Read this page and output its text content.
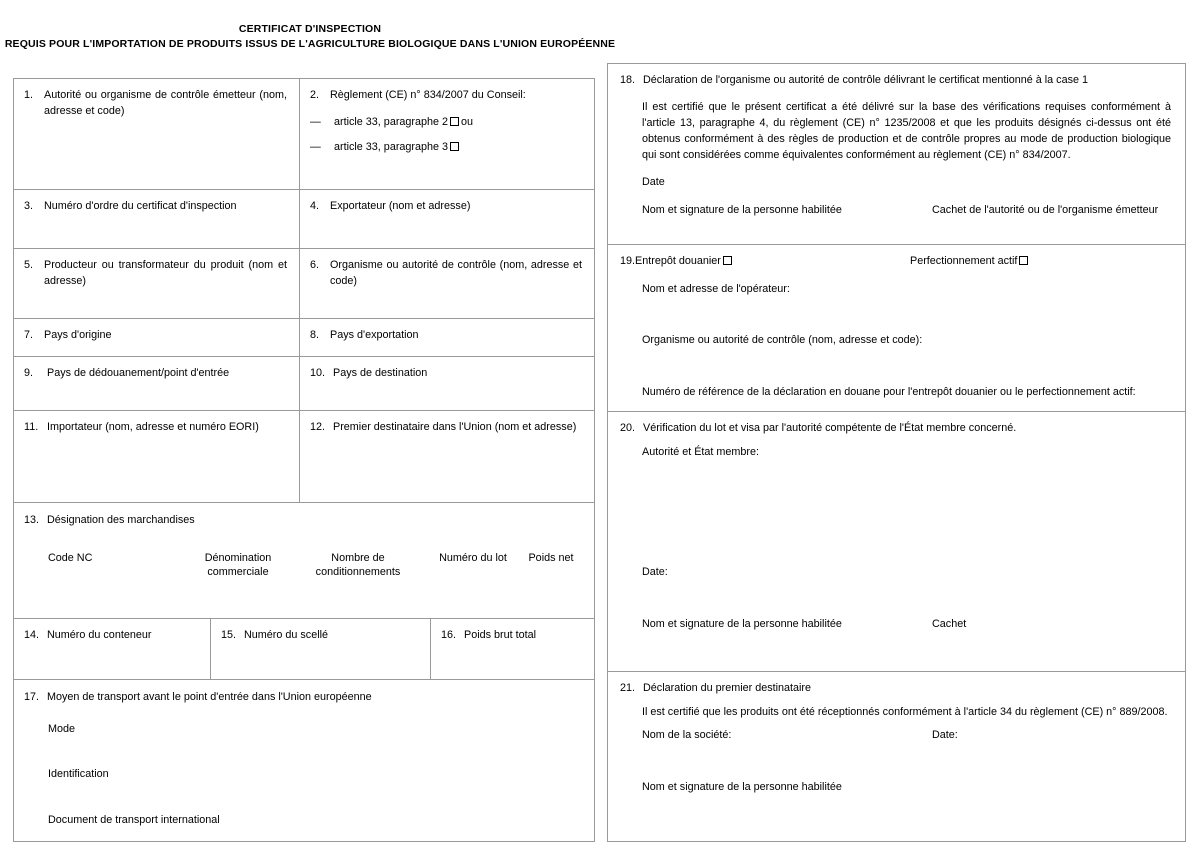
CERTIFICAT D'INSPECTION
REQUIS POUR L'IMPORTATION DE PRODUITS ISSUS DE L'AGRICULTURE BIOLOGIQUE DANS L'UNION EUROPÉENNE
1.	Autorité ou organisme de contrôle émetteur (nom, adresse et code)
2.	Règlement (CE) n° 834/2007 du Conseil:
— article 33, paragraphe 2 ou
— article 33, paragraphe 3
3.	Numéro d'ordre du certificat d'inspection	4.	Exportateur (nom et adresse)
5.	Producteur ou transformateur du produit (nom et adresse)
6.	Organisme ou autorité de contrôle (nom, adresse et code)
7.	Pays d'origine	8.	Pays d'exportation
9.	Pays de dédouanement/point d'entrée	10. Pays de destination
11. Importateur (nom, adresse et numéro EORI)	12. Premier destinataire dans l'Union (nom et adresse)
13. Désignation des marchandises
Code NC	Dénomination
commerciale
Nombre de
conditionnements
Numéro du lot	Poids net
14. Numéro du conteneur	15. Numéro du scellé	16. Poids brut total
17. Moyen de transport avant le point d'entrée dans l'Union européenne
Mode
Identification
Document de transport international
18. Déclaration de l'organisme ou autorité de contrôle délivrant le certificat mentionné à la case 1
Il est certifié que le présent certificat a été délivré sur la base des vérifications requises conformément à l'article 13, paragraphe 4, du règlement (CE) n° 1235/2008 et que les produits désignés ci-dessus ont été obtenus conformément à des règles de production et de contrôle propres au mode de production biologique qui sont considérées comme équivalentes conformément au règlement (CE) n° 834/2007.
Date
Nom et signature de la personne habilitée	Cachet de l'autorité ou de l'organisme émetteur
19.Entrepôt douanier	Perfectionnement actif
Nom et adresse de l'opérateur:
Organisme ou autorité de contrôle (nom, adresse et code):
Numéro de référence de la déclaration en douane pour l'entrepôt douanier ou le perfectionnement actif:
20. Vérification du lot et visa par l'autorité compétente de l'État membre concerné.
Autorité et État membre:
Date:
Nom et signature de la personne habilitée	Cachet
21. Déclaration du premier destinataire
Il est certifié que les produits ont été réceptionnés conformément à l'article 34 du règlement (CE) n° 889/2008.
Nom de la société:	Date:
Nom et signature de la personne habilitée
